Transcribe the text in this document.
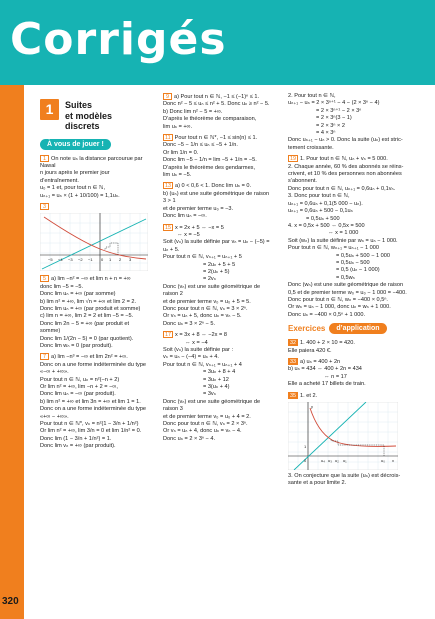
Corrigés
320
1	Suites
et modèles discrets
À vous de jouer !

1 On note uₙ la distance parcourue par Nawal

n jours après le premier jour d’entraînement.

u₀ = 1 et, pour tout n ∈ ℕ,

uₙ₊₁ = uₙ × (1 + 10/100) = 1,1uₙ.

3

−5 −4 −3 −2 −1 0 1 2 3

5 a) lim −n² = −∞ et lim n + n = +∞

donc lim −5 = −5.

Donc lim uₙ = +∞ (par somme)

b) lim n² = +∞, lim √n = +∞ et lim 2 = 2.

Donc lim uₙ = +∞ (par produit et somme)

c) lim n = +∞, lim 2 = 2 et lim −5 = −5.

Donc lim 2n − 5 = +∞ (par produit et somme)

Donc lim 1/(2n − 5) = 0 (par quotient).

Donc lim wₙ = 0 (par produit).

7 a) lim −n³ = −∞ et lim 2n² = +∞.

Donc on a une forme indéterminée du type

«−∞ + +∞».

Pour tout n ∈ ℕ, uₙ = n²(−n + 2)

Or lim n² = +∞, lim −n + 2 = −∞,

Donc lim uₙ = −∞ (par produit).

b) lim n² = +∞ et lim 3n = +∞ et lim 1 = 1.

Donc on a une forme indéterminée du type

«+∞ − +∞».

Pour tout n ∈ ℕ*, vₙ = n²(1 − 3/n + 1/n²)

Or lim n² = +∞, lim 3/n = 0 et lim 1/n² = 0.

Donc lim (1 − 3/n + 1/n²) = 1.

Donc lim vₙ = +∞ (par produit).

9 a) Pour tout n ∈ ℕ, −1 ≤ (−1)ⁿ ≤ 1.

Donc n² − 5 ≤ uₙ ≤ n² + 5. Donc uₙ ≥ n² − 5.

b) Donc lim n² − 5 = +∞.

D’après le théorème de comparaison,

lim uₙ = +∞.

11 Pour tout n ∈ ℕ*, −1 ≤ sin(n) ≤ 1.

Donc −5 − 1/n ≤ uₙ ≤ −5 + 1/n.

Or lim 1/n = 0.

Donc lim −5 − 1/n = lim −5 + 1/n = −5.

D’après le théorème des gendarmes,

lim uₙ = −5.

13 a) 0 < 0,6 < 1. Donc lim uₙ = 0.

b) (uₙ) est une suite géométrique de raison 3 > 1

et de premier terme u₀ = −3.

Donc lim uₙ = −∞.

15 x = 2x + 5 ⇔ −x = 5

⇔ x = −5

Soit (vₙ) la suite définie par vₙ = uₙ − (−5) = uₙ + 5.

Pour tout n ∈ ℕ, vₙ₊₁ = uₙ₊₁ + 5

= 2uₙ + 5 + 5

= 2(uₙ + 5)

= 2vₙ

Donc (vₙ) est une suite géométrique de raison 2

et de premier terme v₀ = u₀ + 5 = 5.

Donc pour tout n ∈ ℕ, vₙ = 3 × 2ⁿ.

Or vₙ = uₙ + 5, donc uₙ = vₙ − 5.

Donc uₙ = 3 × 2ⁿ − 5.

17 x = 3x + 8 ⇔ −2x = 8

⇔ x = −4

Soit (vₙ) la suite définie par :

vₙ = uₙ − (−4) = uₙ + 4.

Pour tout n ∈ ℕ, vₙ₊₁ = uₙ₊₁ + 4

= 3uₙ + 8 + 4

= 3uₙ + 12

= 3(uₙ + 4)

= 3vₙ

Donc (vₙ) est une suite géométrique de raison 3

et de premier terme v₀ = u₀ + 4 = 2.

Donc pour tout n ∈ ℕ, vₙ = 2 × 3ⁿ.

Or vₙ = uₙ + 4, donc uₙ = vₙ − 4.

Donc uₙ = 2 × 3ⁿ − 4.

2. Pour tout n ∈ ℕ,

uₙ₊₁ − uₙ = 2 × 3ⁿ⁺¹ − 4 − (2 × 3ⁿ − 4)

= 2 × 3ⁿ⁺¹ − 2 × 3ⁿ

= 2 × 3ⁿ(3 − 1)

= 2 × 3ⁿ × 2

= 4 × 3ⁿ

Donc uₙ₊₁ − uₙ > 0. Donc la suite (uₙ) est stric-

tement croissante.

19 1. Pour tout n ∈ ℕ, uₙ + vₙ = 5 000.

2. Chaque année, 60 % des abonnés se réins-

crivent, et 10 % des personnes non abonnées

s’abonnent.

Donc pour tout n ∈ ℕ, uₙ₊₁ = 0,6uₙ + 0,1vₙ.

3. Donc pour tout n ∈ ℕ,

uₙ₊₁ = 0,6uₙ + 0,1(5 000 − uₙ).

uₙ₊₁ = 0,6uₙ + 500 − 0,1uₙ

= 0,5uₙ + 500

4. x = 0,5x + 500 ⇔ 0,5x = 500

⇔ x = 1 000

Soit (wₙ) la suite définie par wₙ = uₙ − 1 000.

Pour tout n ∈ ℕ, wₙ₊₁ = uₙ₊₁ − 1 000

= 0,5uₙ + 500 − 1 000

= 0,5uₙ − 500

= 0,5 (uₙ − 1 000)

= 0,5wₙ

Donc (wₙ) est une suite géométrique de raison

0,5 et de premier terme w₀ = u₀ − 1 000 = −400.

Donc pour tout n ∈ ℕ, wₙ = −400 × 0,5ⁿ.

Or wₙ = uₙ − 1 000, donc uₙ = wₙ + 1 000.

Donc uₙ = −400 × 0,5ⁿ + 1 000.

Exercices	d’application

32 1. 400 + 2 × 10 = 420.

Elle paiera 420 €.

33 a) uₙ = 400 + 2n

b) uₙ = 434 ⇔ 400 + 2n = 434

⇔ n = 17

Elle a acheté 17 billets de train.

35 1. et 2.

y
x
0
1
u₃ u₂ u₁
u₄	u₀

3. On conjecture que la suite (uₙ) est décrois-

sante et a pour limite 2.
